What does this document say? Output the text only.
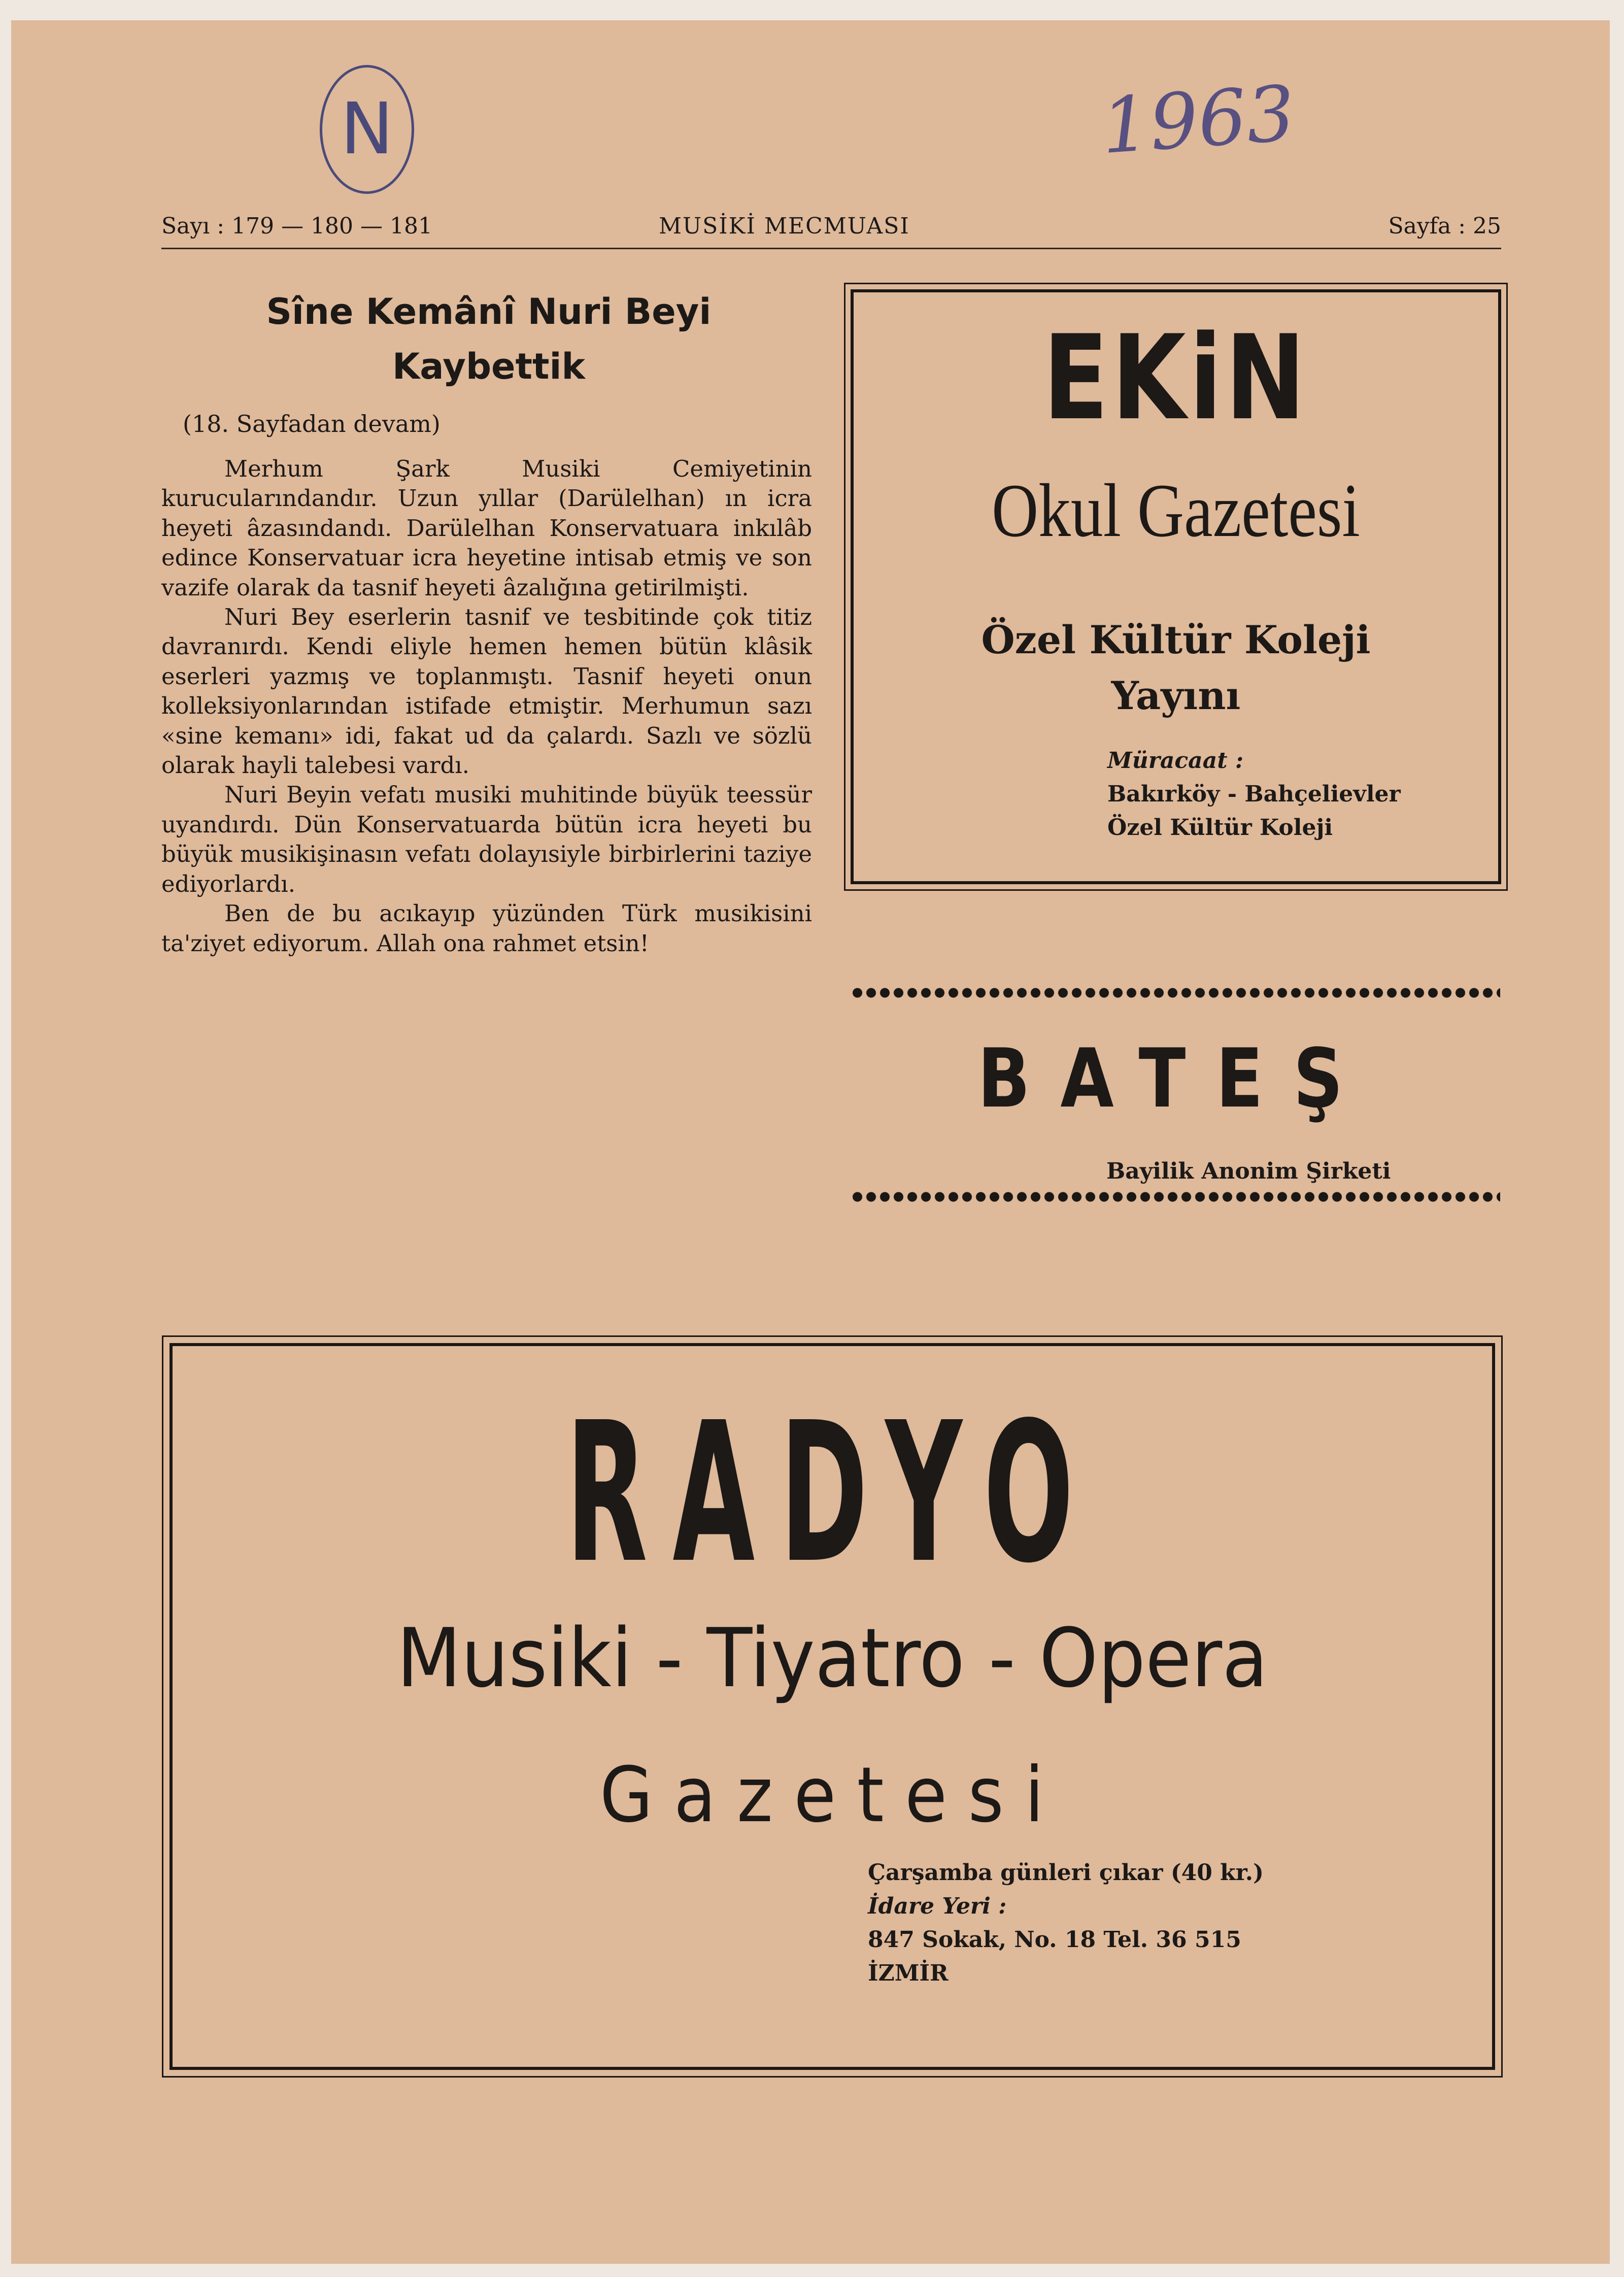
N	1963
Sayı : 179 — 180 — 181	MUSİKİ MECMUASI	Sayfa : 25
Sîne Kemânî Nuri Beyi
Kaybettik
(18. Sayfadan devam)

Merhum Şark Musiki Cemiyetinin kurucularındandır. Uzun yıllar (Darülelhan) ın icra heyeti âzasındandı. Darülelhan Konservatuara inkılâb edince Konservatuar icra heyetine intisab etmiş ve son vazife olarak da tasnif heyeti âzalığına getirilmişti.

Nuri Bey eserlerin tasnif ve tesbitinde çok titiz davranırdı. Kendi eliyle hemen hemen bütün klâsik eserleri yazmış ve toplanmıştı. Tasnif heyeti onun kolleksiyonlarından istifade etmiştir. Merhumun sazı «sine kemanı» idi, fakat ud da çalardı. Sazlı ve sözlü olarak hayli talebesi vardı.

Nuri Beyin vefatı musiki muhitinde büyük teessür uyandırdı. Dün Konservatuarda bütün icra heyeti bu büyük musikişinasın vefatı dolayısiyle birbirlerini taziye ediyorlardı.

Ben de bu acıkayıp yüzünden Türk musikisini ta'ziyet ediyorum. Allah ona rahmet etsin!

EKiN
Okul Gazetesi
Özel Kültür Koleji
Yayını
Müracaat :
Bakırköy - Bahçelievler
Özel Kültür Koleji
BATEŞ
Bayilik Anonim Şirketi
RADYO
Musiki - Tiyatro - Opera
Gazetesi
Çarşamba günleri çıkar (40 kr.)
İdare Yeri :
847 Sokak, No. 18 Tel. 36 515
İZMİR
